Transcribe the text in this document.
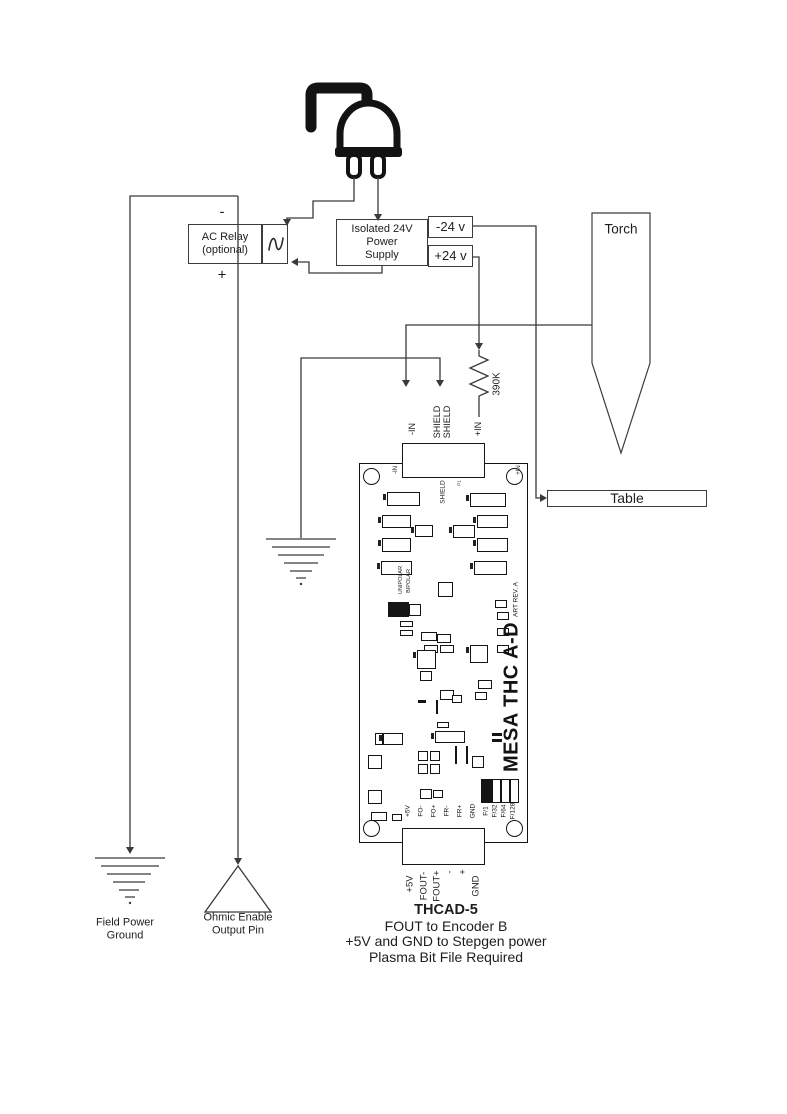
AC Relay
(optional)
-
+
Isolated 24V Power
Supply
-24 v
+24 v
Torch
Table
390K
-IN SHIELD SHIELD +IN
-IN	+IN
SHIELD P1
UNIPOLAR BIPOLAR
MESA THC A-DART REV. A
+5V FO- FO+ FR- FR+ GND F/1 F/32 F/64 F/128
+5V FOUT- FOUT+ - +
GND
Field Power
Ground
Ohmic Enable
Output Pin
THCAD-5
FOUT to Encoder B
+5V and GND to Stepgen power
Plasma Bit File Required
